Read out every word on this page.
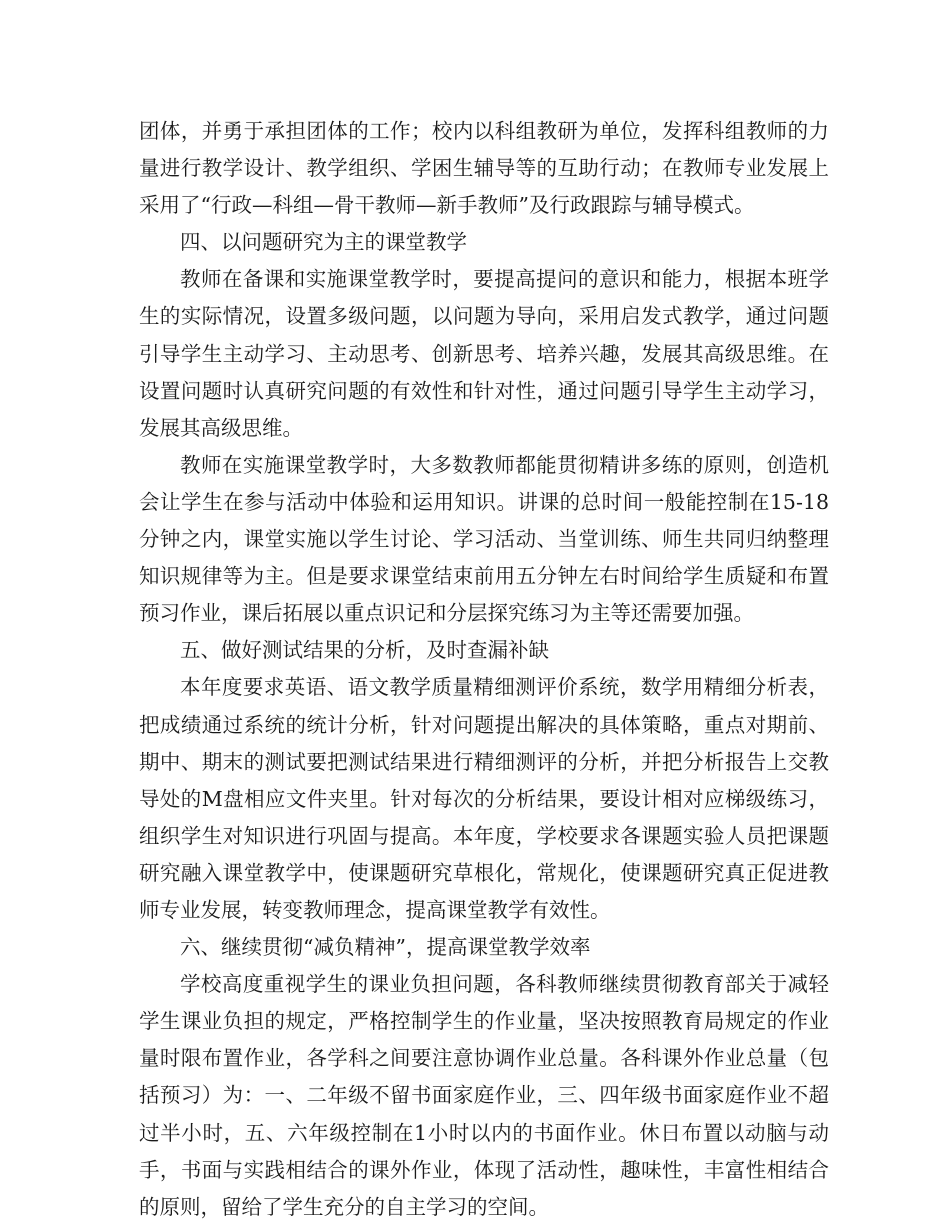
团体，并勇于承担团体的工作；校内以科组教研为单位，发挥科组教师的力量进行教学设计、教学组织、学困生辅导等的互助行动；在教师专业发展上采用了“行政—科组—骨干教师—新手教师”及行政跟踪与辅导模式。

四、以问题研究为主的课堂教学

教师在备课和实施课堂教学时，要提高提问的意识和能力，根据本班学生的实际情况，设置多级问题，以问题为导向，采用启发式教学，通过问题引导学生主动学习、主动思考、创新思考、培养兴趣，发展其高级思维。在设置问题时认真研究问题的有效性和针对性，通过问题引导学生主动学习，发展其高级思维。

教师在实施课堂教学时，大多数教师都能贯彻精讲多练的原则，创造机会让学生在参与活动中体验和运用知识。讲课的总时间一般能控制在15-18分钟之内，课堂实施以学生讨论、学习活动、当堂训练、师生共同归纳整理知识规律等为主。但是要求课堂结束前用五分钟左右时间给学生质疑和布置预习作业，课后拓展以重点识记和分层探究练习为主等还需要加强。

五、做好测试结果的分析，及时查漏补缺

本年度要求英语、语文教学质量精细测评价系统，数学用精细分析表，把成绩通过系统的统计分析，针对问题提出解决的具体策略，重点对期前、期中、期末的测试要把测试结果进行精细测评的分析，并把分析报告上交教导处的M盘相应文件夹里。针对每次的分析结果，要设计相对应梯级练习，组织学生对知识进行巩固与提高。本年度，学校要求各课题实验人员把课题研究融入课堂教学中，使课题研究草根化，常规化，使课题研究真正促进教师专业发展，转变教师理念，提高课堂教学有效性。

六、继续贯彻“减负精神”，提高课堂教学效率

学校高度重视学生的课业负担问题，各科教师继续贯彻教育部关于减轻学生课业负担的规定，严格控制学生的作业量，坚决按照教育局规定的作业量时限布置作业，各学科之间要注意协调作业总量。各科课外作业总量（包括预习）为：一、二年级不留书面家庭作业，三、四年级书面家庭作业不超过半小时，五、六年级控制在1小时以内的书面作业。休日布置以动脑与动手，书面与实践相结合的课外作业，体现了活动性，趣味性，丰富性相结合的原则，留给了学生充分的自主学习的空间。
